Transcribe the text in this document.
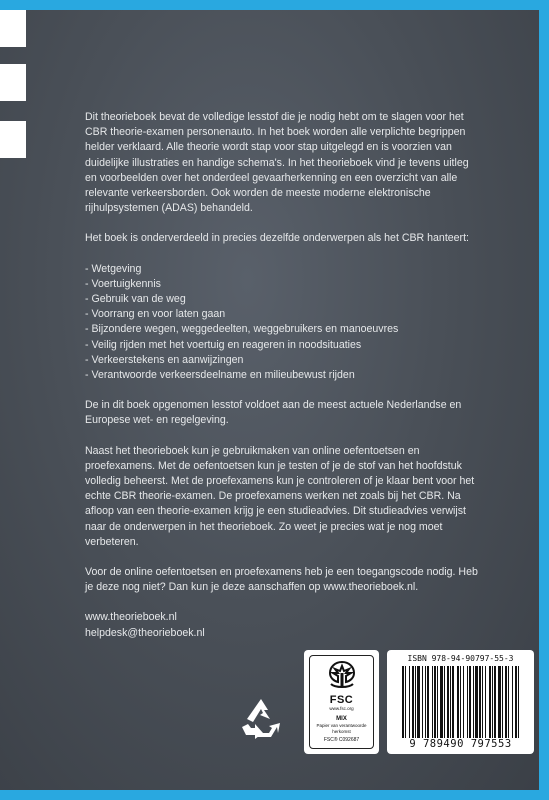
Dit theorieboek bevat de volledige lesstof die je nodig hebt om te slagen voor het CBR theorie-examen personenauto. In het boek worden alle verplichte begrippen helder verklaard. Alle theorie wordt stap voor stap uitgelegd en is voorzien van duidelijke illustraties en handige schema's. In het theorieboek vind je tevens uitleg en voorbeelden over het onderdeel gevaarherkenning en een overzicht van alle relevante verkeersborden. Ook worden de meeste moderne elektronische rijhulpsystemen (ADAS) behandeld.

Het boek is onderverdeeld in precies dezelfde onderwerpen als het CBR hanteert:

- Wetgeving
- Voertuigkennis
- Gebruik van de weg
- Voorrang en voor laten gaan
- Bijzondere wegen, weggedeelten, weggebruikers en manoeuvres
- Veilig rijden met het voertuig en reageren in noodsituaties
- Verkeerstekens en aanwijzingen
- Verantwoorde verkeersdeelname en milieubewust rijden

De in dit boek opgenomen lesstof voldoet aan de meest actuele Nederlandse en Europese wet- en regelgeving.

Naast het theorieboek kun je gebruikmaken van online oefentoetsen en proefexamens. Met de oefentoetsen kun je testen of je de stof van het hoofdstuk volledig beheerst. Met de proefexamens kun je controleren of je klaar bent voor het echte CBR theorie-examen. De proefexamens werken net zoals bij het CBR. Na afloop van een theorie-examen krijg je een studieadvies. Dit studieadvies verwijst naar de onderwerpen in het theorieboek. Zo weet je precies wat je nog moet verbeteren.

Voor de online oefentoetsen en proefexamens heb je een toegangscode nodig. Heb je deze nog niet? Dan kun je deze aanschaffen op www.theorieboek.nl.

www.theorieboek.nl
helpdesk@theorieboek.nl
FSC
www.fsc.org
MIX
Papier van verantwoorde herkomst
FSC® C092687
ISBN 978-94-90797-55-3
9 789490 797553
